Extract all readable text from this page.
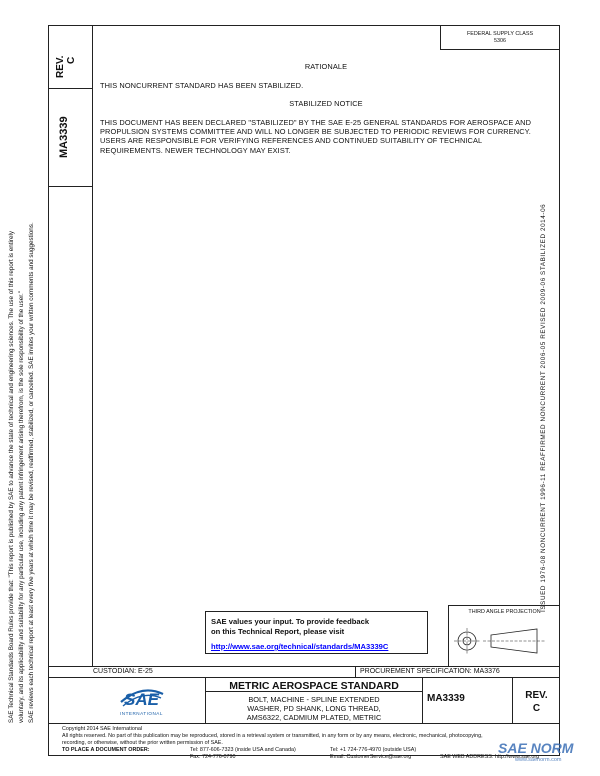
SAE Technical Standards Board Rules provide that: "This report is published by SAE to advance the state of technical and engineering sciences. The use of this report is entirely voluntary, and its applicability and suitability for any particular use, including any patent infringement arising therefrom, is the sole responsibility of the user." SAE reviews each technical report at least every five years at which time it may be revised, reaffirmed, stabilized, or cancelled. SAE invites your written comments and suggestions.
REV. C
MA3339
FEDERAL SUPPLY CLASS
5306
RATIONALE
THIS NONCURRENT STANDARD HAS BEEN STABILIZED.
STABILIZED NOTICE
THIS DOCUMENT HAS BEEN DECLARED "STABILIZED" BY THE SAE E-25 GENERAL STANDARDS FOR AEROSPACE AND PROPULSION SYSTEMS COMMITTEE AND WILL NO LONGER BE SUBJECTED TO PERIODIC REVIEWS FOR CURRENCY. USERS ARE RESPONSIBLE FOR VERIFYING REFERENCES AND CONTINUED SUITABILITY OF TECHNICAL REQUIREMENTS. NEWER TECHNOLOGY MAY EXIST.
ISSUED 1976-08 NONCURRENT 1996-11 REAFFIRMED NONCURRENT 2006-05 REVISED 2009-06 STABILIZED 2014-06
SAE values your input. To provide feedback
on this Technical Report, please visit
http://www.sae.org/technical/standards/MA3339C
THIRD ANGLE PROJECTION
CUSTODIAN: E-25	PROCUREMENT SPECIFICATION: MA3376
SAE
INTERNATIONAL
METRIC AEROSPACE STANDARD
BOLT, MACHINE - SPLINE EXTENDED
WASHER, PD SHANK, LONG THREAD,
AMS6322, CADMIUM PLATED, METRIC
MA3339	REV.
C
Copyright 2014 SAE International
All rights reserved. No part of this publication may be reproduced, stored in a retrieval system or transmitted, in any form or by any means, electronic, mechanical, photocopying,
recording, or otherwise, without the prior written permission of SAE.
TO PLACE A DOCUMENT ORDER:	Tel: 877-606-7323 (inside USA and Canada)
Fax: 724-776-0790
Tel: +1 724-776-4970 (outside USA)
Email: CustomerService@sae.org	SAE WEB ADDRESS: http://www.sae.org
SAE NORM
www.saenorm.com
